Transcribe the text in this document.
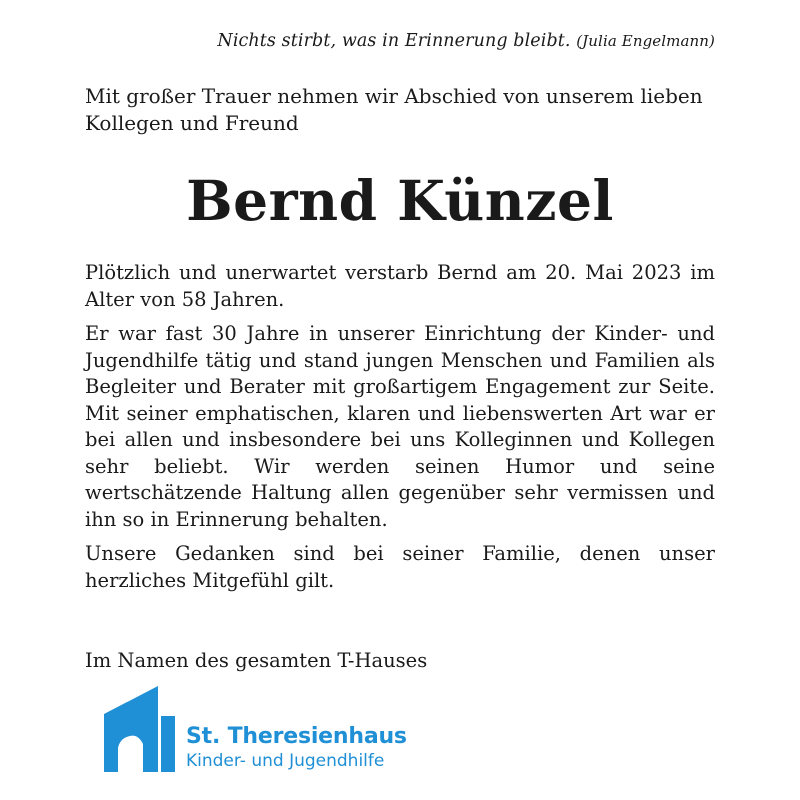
Nichts stirbt, was in Erinnerung bleibt. (Julia Engelmann)
Mit großer Trauer nehmen wir Abschied von unserem lieben Kollegen und Freund
Bernd Künzel

Plötzlich und unerwartet verstarb Bernd am 20. Mai 2023 im Alter von 58 Jahren.

Er war fast 30 Jahre in unserer Einrichtung der Kinder- und Jugendhilfe tätig und stand jungen Menschen und Familien als Begleiter und Berater mit großartigem Engagement zur Seite. Mit seiner emphatischen, klaren und liebenswerten Art war er bei allen und insbesondere bei uns Kolleginnen und Kollegen sehr beliebt. Wir werden seinen Humor und seine wertschätzende Haltung allen gegenüber sehr vermissen und ihn so in Erinnerung behalten.

Unsere Gedanken sind bei seiner Familie, denen unser herzliches Mitgefühl gilt.

Im Namen des gesamten T-Hauses
St. Theresienhaus
Kinder- und Jugendhilfe
